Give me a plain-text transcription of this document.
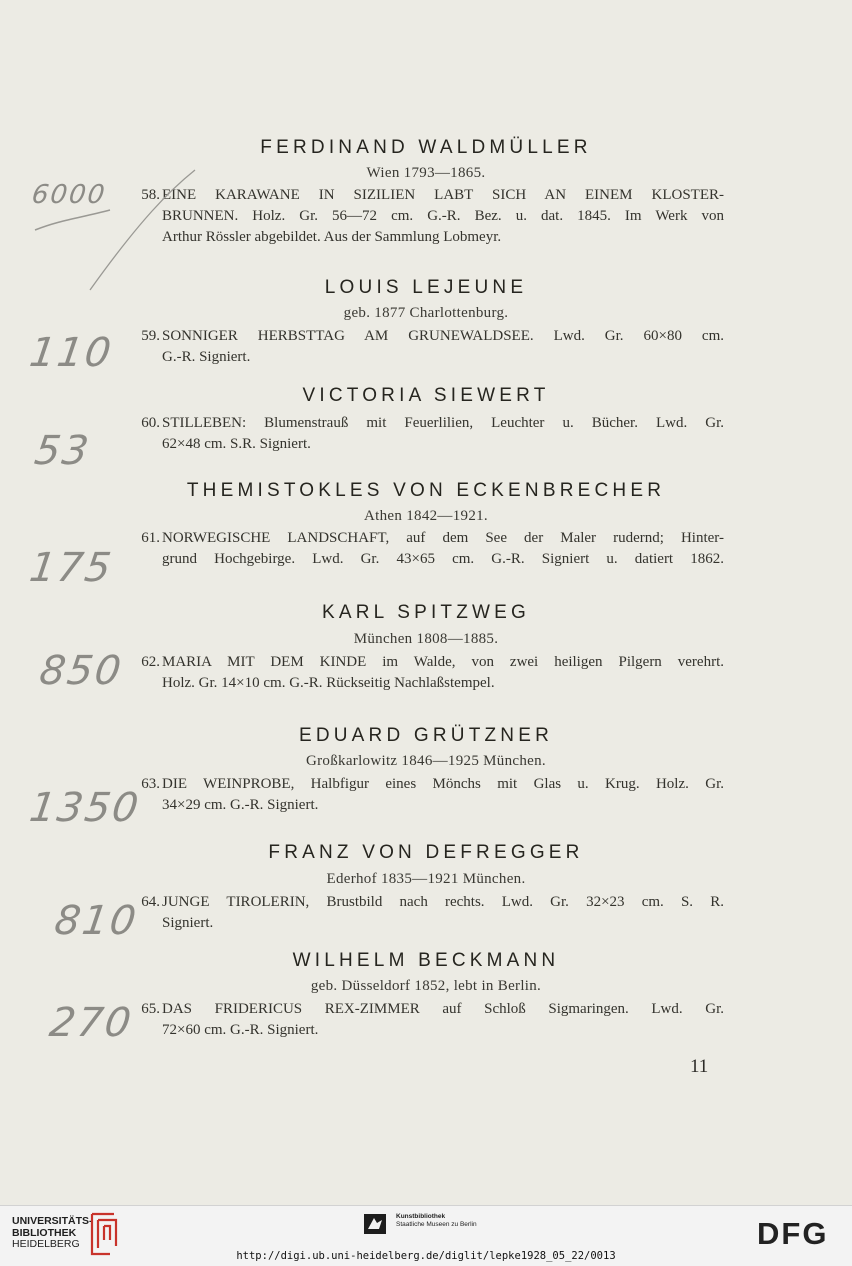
FERDINAND WALDMÜLLER
Wien 1793—1865.
58. EINE KARAWANE IN SIZILIEN LABT SICH AN EINEM KLOSTER-
BRUNNEN. Holz. Gr. 56—72 cm. G.-R. Bez. u. dat. 1845. Im Werk von
Arthur Rössler abgebildet. Aus der Sammlung Lobmeyr.
6000
LOUIS LEJEUNE
geb. 1877 Charlottenburg.
59. SONNIGER HERBSTTAG AM GRUNEWALDSEE. Lwd. Gr. 60×80 cm.
G.-R. Signiert.
110
VICTORIA SIEWERT
60. STILLEBEN: Blumenstrauß mit Feuerlilien, Leuchter u. Bücher. Lwd. Gr.
62×48 cm. S.R. Signiert.
53
THEMISTOKLES VON ECKENBRECHER
Athen 1842—1921.
61. NORWEGISCHE LANDSCHAFT, auf dem See der Maler rudernd; Hinter-
grund Hochgebirge. Lwd. Gr. 43×65 cm. G.-R. Signiert u. datiert 1862.
175
KARL SPITZWEG
München 1808—1885.
62. MARIA MIT DEM KINDE im Walde, von zwei heiligen Pilgern verehrt.
Holz. Gr. 14×10 cm. G.-R. Rückseitig Nachlaßstempel.
850
EDUARD GRÜTZNER
Großkarlowitz 1846—1925 München.
63. DIE WEINPROBE, Halbfigur eines Mönchs mit Glas u. Krug. Holz. Gr.
34×29 cm. G.-R. Signiert.
1350
FRANZ VON DEFREGGER
Ederhof 1835—1921 München.
64. JUNGE TIROLERIN, Brustbild nach rechts. Lwd. Gr. 32×23 cm. S. R.
Signiert.
810
WILHELM BECKMANN
geb. Düsseldorf 1852, lebt in Berlin.
65. DAS FRIDERICUS REX-ZIMMER auf Schloß Sigmaringen. Lwd. Gr.
72×60 cm. G.-R. Signiert.
270
11
UNIVERSITÄTS-
BIBLIOTHEK
HEIDELBERG
Kunstbibliothek
Staatliche Museen zu Berlin	DFG
http://digi.ub.uni-heidelberg.de/diglit/lepke1928_05_22/0013
